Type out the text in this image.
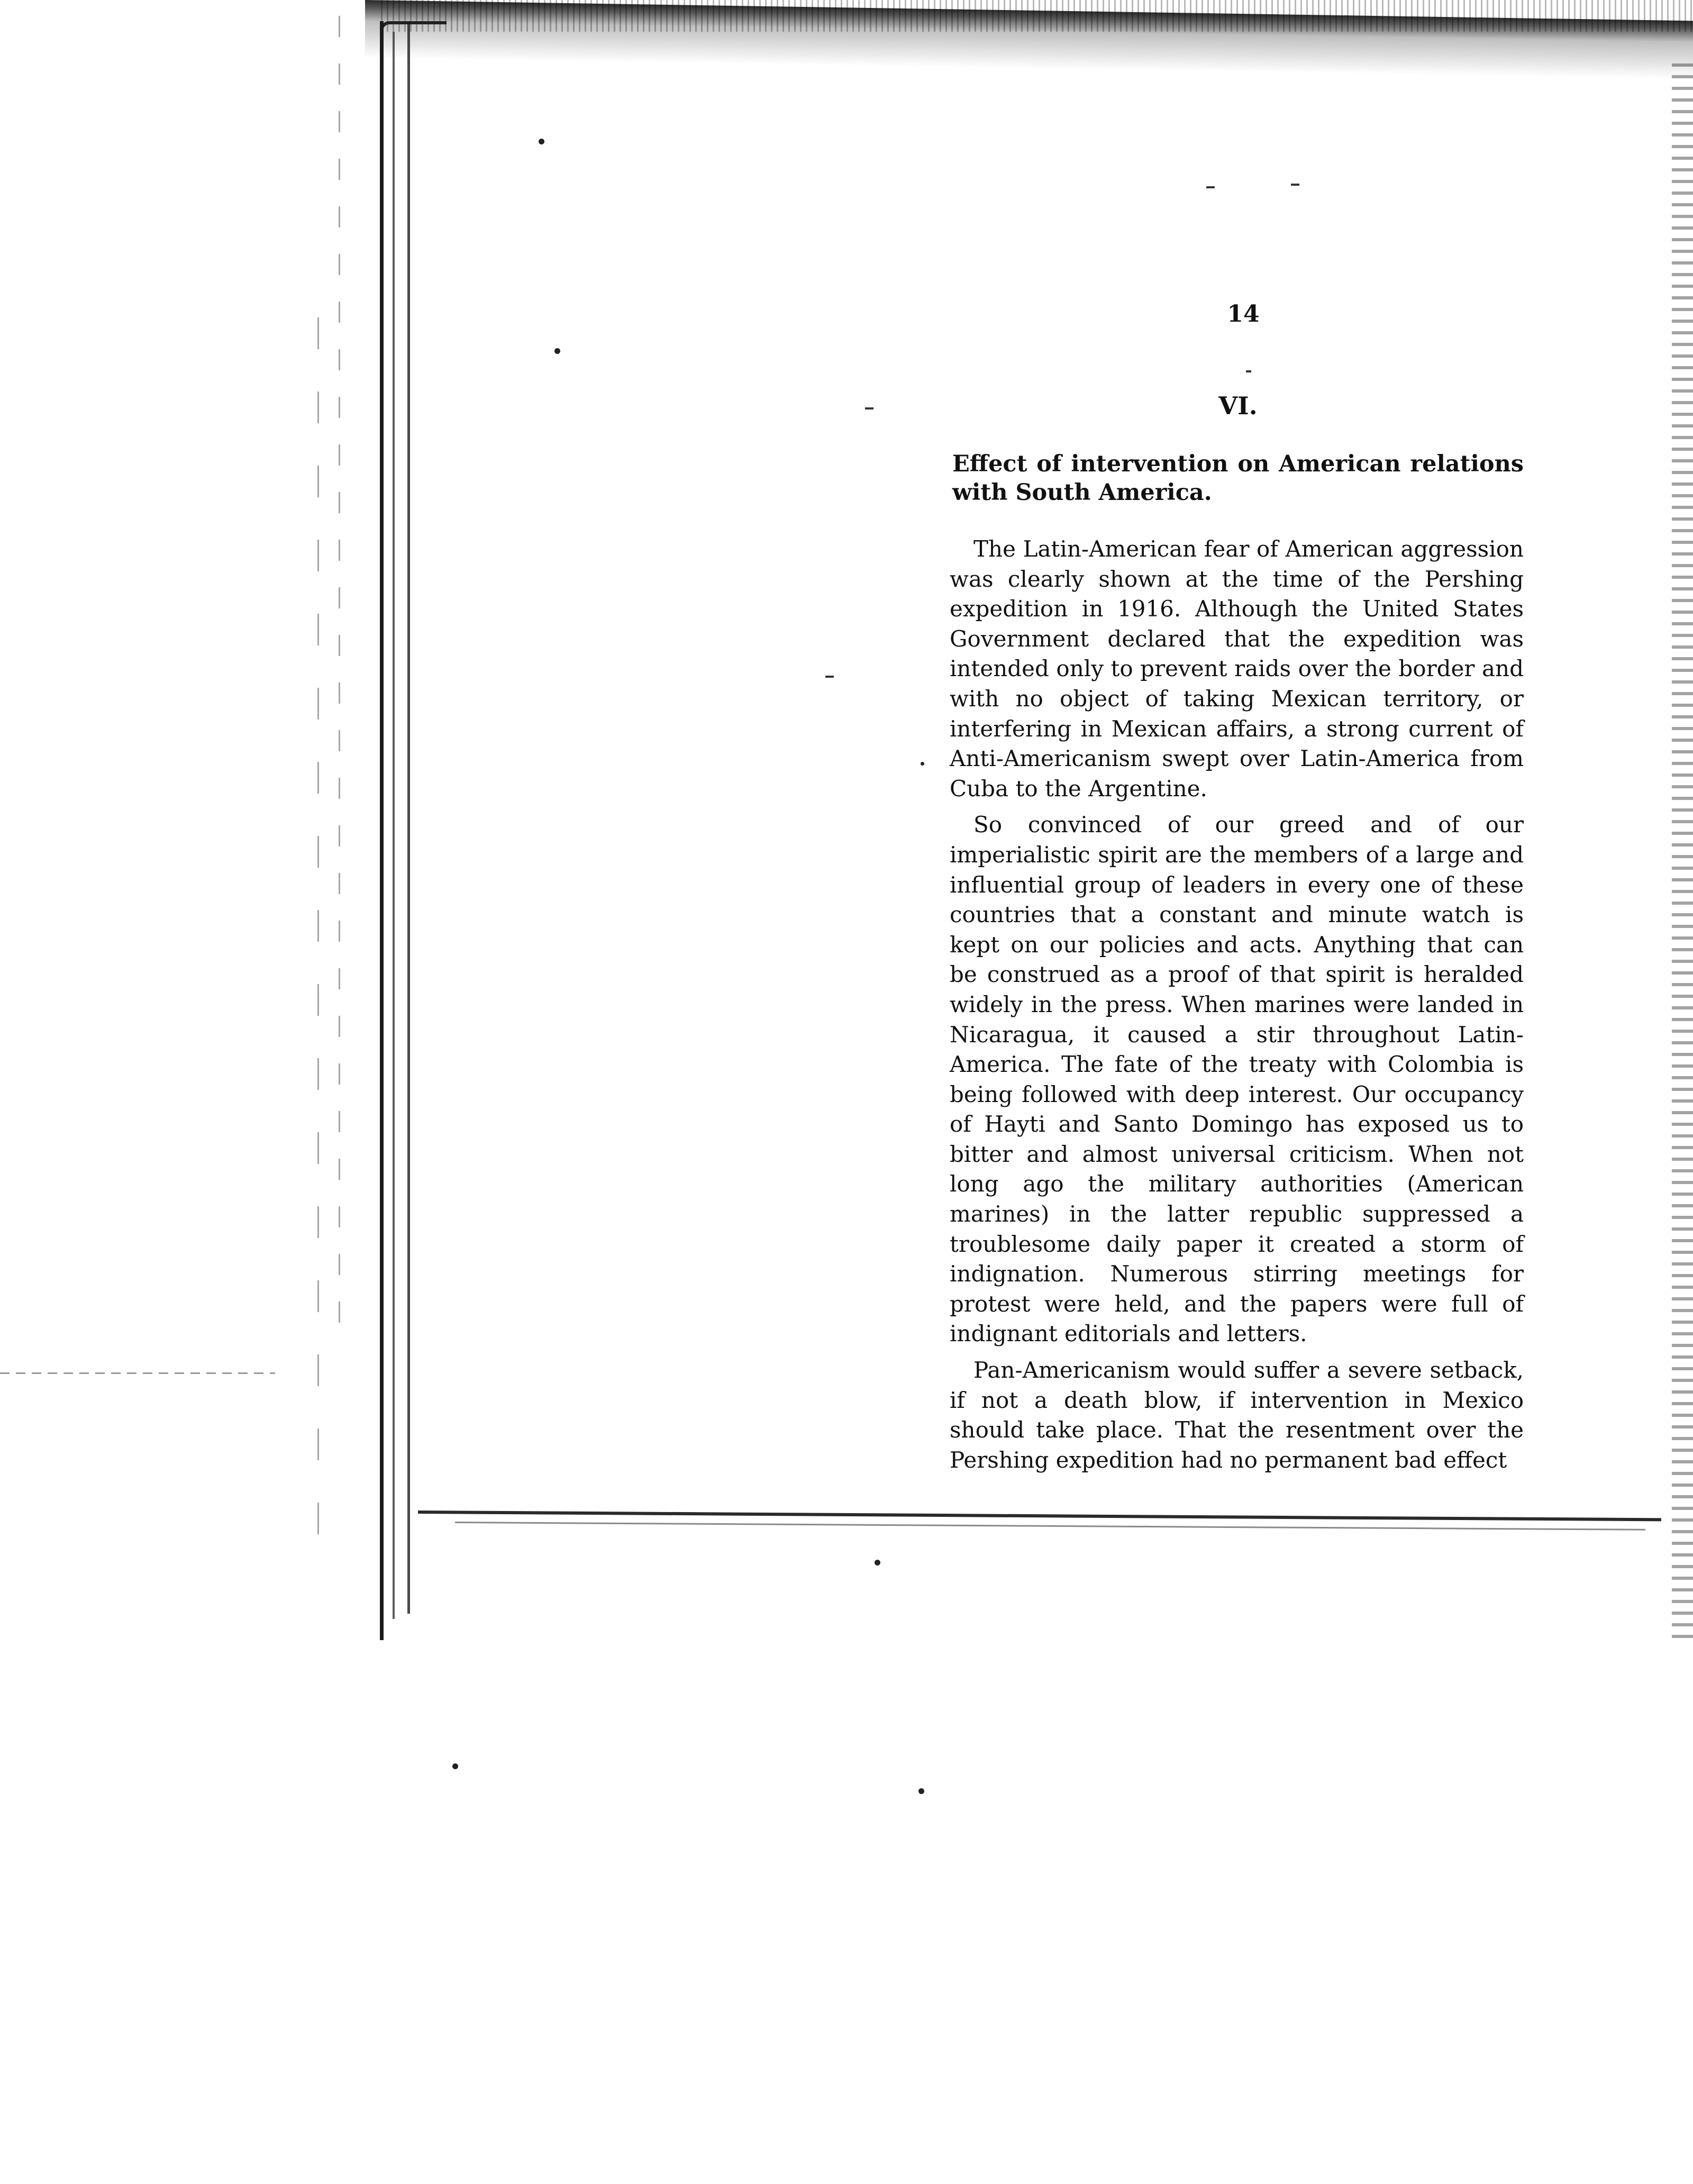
14
VI.
Effect of intervention on American relations with South America.

The Latin-American fear of American aggression was clearly shown at the time of the Pershing expedition in 1916. Although the United States Government declared that the expedition was intended only to prevent raids over the border and with no object of taking Mexican territory, or interfering in Mexican affairs, a strong current of Anti-Americanism swept over Latin-America from Cuba to the Argentine.

So convinced of our greed and of our imperialistic spirit are the members of a large and influential group of leaders in every one of these countries that a constant and minute watch is kept on our policies and acts. Anything that can be construed as a proof of that spirit is heralded widely in the press. When marines were landed in Nicaragua, it caused a stir throughout Latin-America. The fate of the treaty with Colombia is being followed with deep interest. Our occupancy of Hayti and Santo Domingo has exposed us to bitter and almost universal criticism. When not long ago the military authorities (American marines) in the latter republic suppressed a troublesome daily paper it created a storm of indignation. Numerous stirring meetings for protest were held, and the papers were full of indignant editorials and letters.

Pan-Americanism would suffer a severe setback, if not a death blow, if intervention in Mexico should take place. That the resentment over the Pershing expedition had no permanent bad effect
